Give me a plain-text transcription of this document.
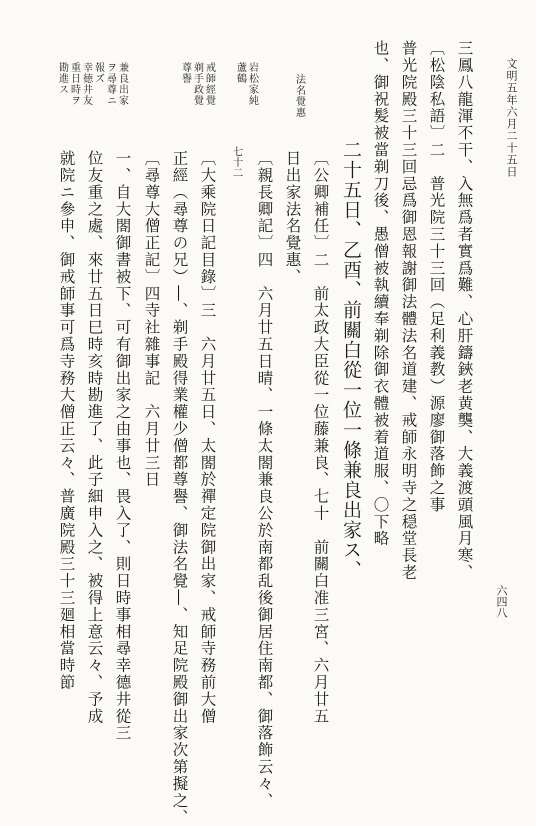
文明五年六月二十五日
六四八
三鳳八龍渾不干、入無爲者實爲難、心肝鑄鋏老黄龑、大義渡頭風月寒、
〔松陰私語〕二　普光院三十三回（足利義教）源廖御落飾之事
普光院殿三十三回忌爲御恩報謝御法體法名道建、戒師永明寺之穏堂長老
也、御祝髪被當剃刀後、愚僧被執續奉剃除御衣體被着道服、〇下略
二十五日、乙酉、前關白從一位一條兼良出家ス、
〔公卿補任〕二　前太政大臣從一位藤兼良、七十　前關白准三宮、六月廿五
日出家法名覺惠、
〔親長卿記〕四　六月廿五日晴、一條太閤兼良公於南都乱後御居住南都、御落飾云々、
七十二
〔大乘院日記目錄〕三　六月廿五日、太閤於禪定院御出家、戒師寺務前大僧
正經（尋尊の兄）―、剃手殿得業權少僧都尊譽、御法名覺―、知足院殿御出家次第擬之、
〔尋尊大僧正記〕四寺社雜事記　六月廿三日
一、自大閤御書被下、可有御出家之由事也、畏入了、則日時事相尋幸德井從三
位友重之處、來廿五日巳時亥時勘進了、此子細申入之、被得上意云々、予成
就院ニ參申、御戒師事可爲寺務大僧正云々、普廣院殿三十三廻相當時節
法名覺惠
岩松家純
蘆鶴
戒師經覺
剃手政覺
尊譽
兼良出家
ヲ尋尊ニ
報ズ
幸徳井友
重日時ヲ
勘進ス
